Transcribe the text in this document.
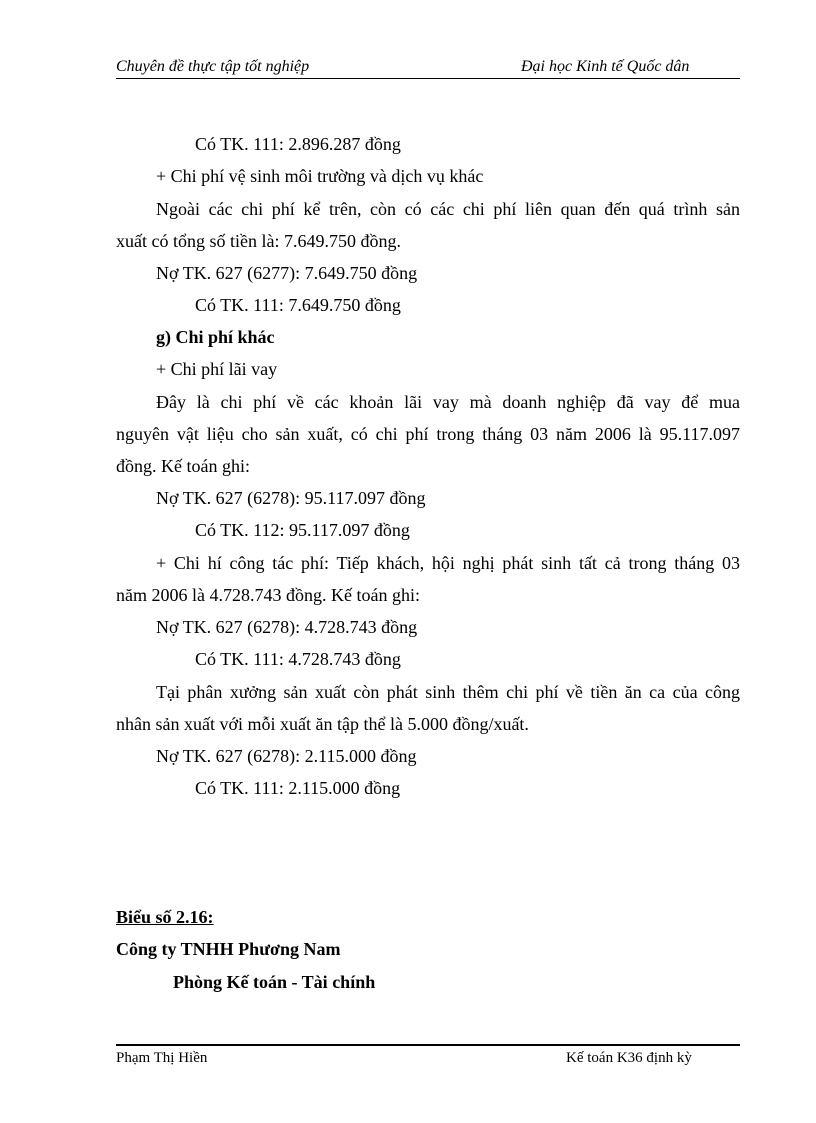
Chuyên đề thực tập tốt nghiệp	Đại học Kinh tế Quốc dân
Có TK. 111: 2.896.287 đồng
+ Chi phí vệ sinh môi trường và dịch vụ khác
Ngoài các chi phí kể trên, còn có các chi phí liên quan đến quá trình sản
xuất có tổng số tiền là: 7.649.750 đồng.
Nợ TK. 627 (6277): 7.649.750 đồng
Có TK. 111: 7.649.750 đồng
g) Chi phí khác
+ Chi phí lãi vay
Đây là chi phí về các khoản lãi vay mà doanh nghiệp đã vay để mua
nguyên vật liệu cho sản xuất, có chi phí trong tháng 03 năm 2006 là 95.117.097
đồng. Kế toán ghi:
Nợ TK. 627 (6278): 95.117.097 đồng
Có TK. 112: 95.117.097 đồng
+ Chi hí công tác phí: Tiếp khách, hội nghị phát sinh tất cả trong tháng 03
năm 2006 là 4.728.743 đồng. Kế toán ghi:
Nợ TK. 627 (6278): 4.728.743 đồng
Có TK. 111: 4.728.743 đồng
Tại phân xưởng sản xuất còn phát sinh thêm chi phí về tiền ăn ca của công
nhân sản xuất với mỗi xuất ăn tập thể là 5.000 đồng/xuất.
Nợ TK. 627 (6278): 2.115.000 đồng
Có TK. 111: 2.115.000 đồng
Biểu số 2.16:
Công ty TNHH Phương Nam
Phòng Kế toán - Tài chính
Phạm Thị Hiền	Kế toán K36 định kỳ
